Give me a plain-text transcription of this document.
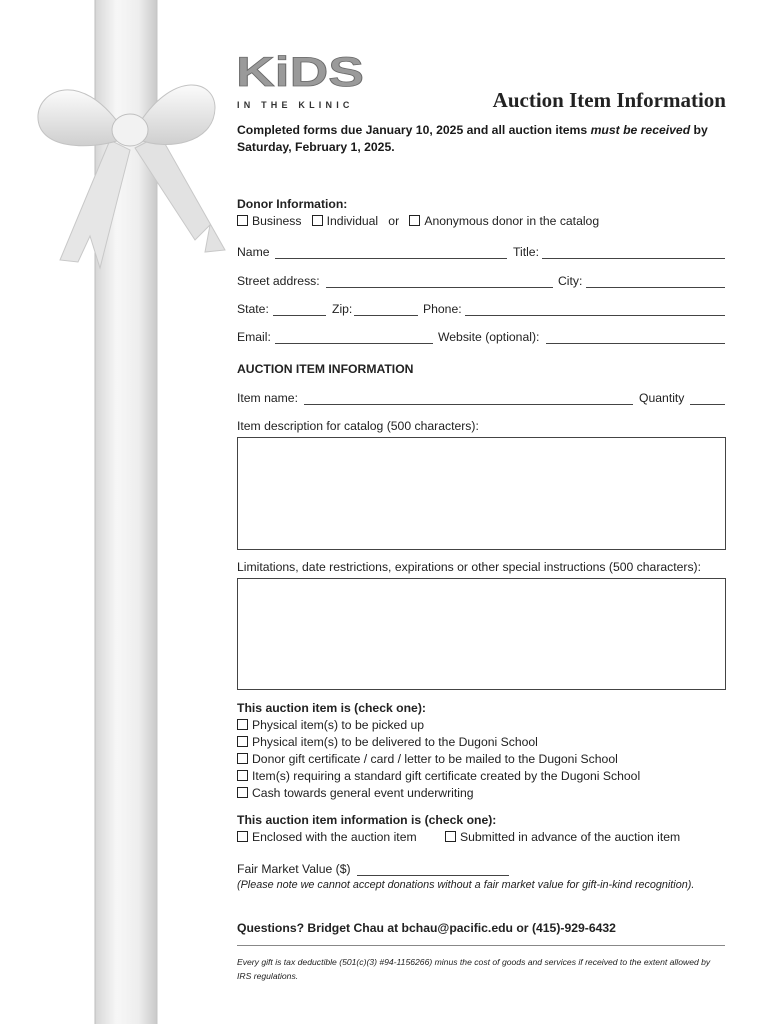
KiDS
IN THE KLINIC	Auction Item Information
Completed forms due January 10, 2025 and all auction items must be received by Saturday, February 1, 2025.
Donor Information:
Business Individual or Anonymous donor in the catalog
Name	Title:
Street address:	City:
State:	Zip:	Phone:
Email:	Website (optional):
AUCTION ITEM INFORMATION
Item name:	Quantity
Item description for catalog (500 characters):
Limitations, date restrictions, expirations or other special instructions (500 characters):
This auction item is (check one):
Physical item(s) to be picked up
Physical item(s) to be delivered to the Dugoni School
Donor gift certificate / card / letter to be mailed to the Dugoni School
Item(s) requiring a standard gift certificate created by the Dugoni School
Cash towards general event underwriting
This auction item information is (check one):
Enclosed with the auction item	Submitted in advance of the auction item
Fair Market Value ($)
(Please note we cannot accept donations without a fair market value for gift-in-kind recognition).
Questions? Bridget Chau at bchau@pacific.edu or (415)-929-6432
Every gift is tax deductible (501(c)(3) #94-1156266) minus the cost of goods and services if received to the extent allowed by IRS regulations.
